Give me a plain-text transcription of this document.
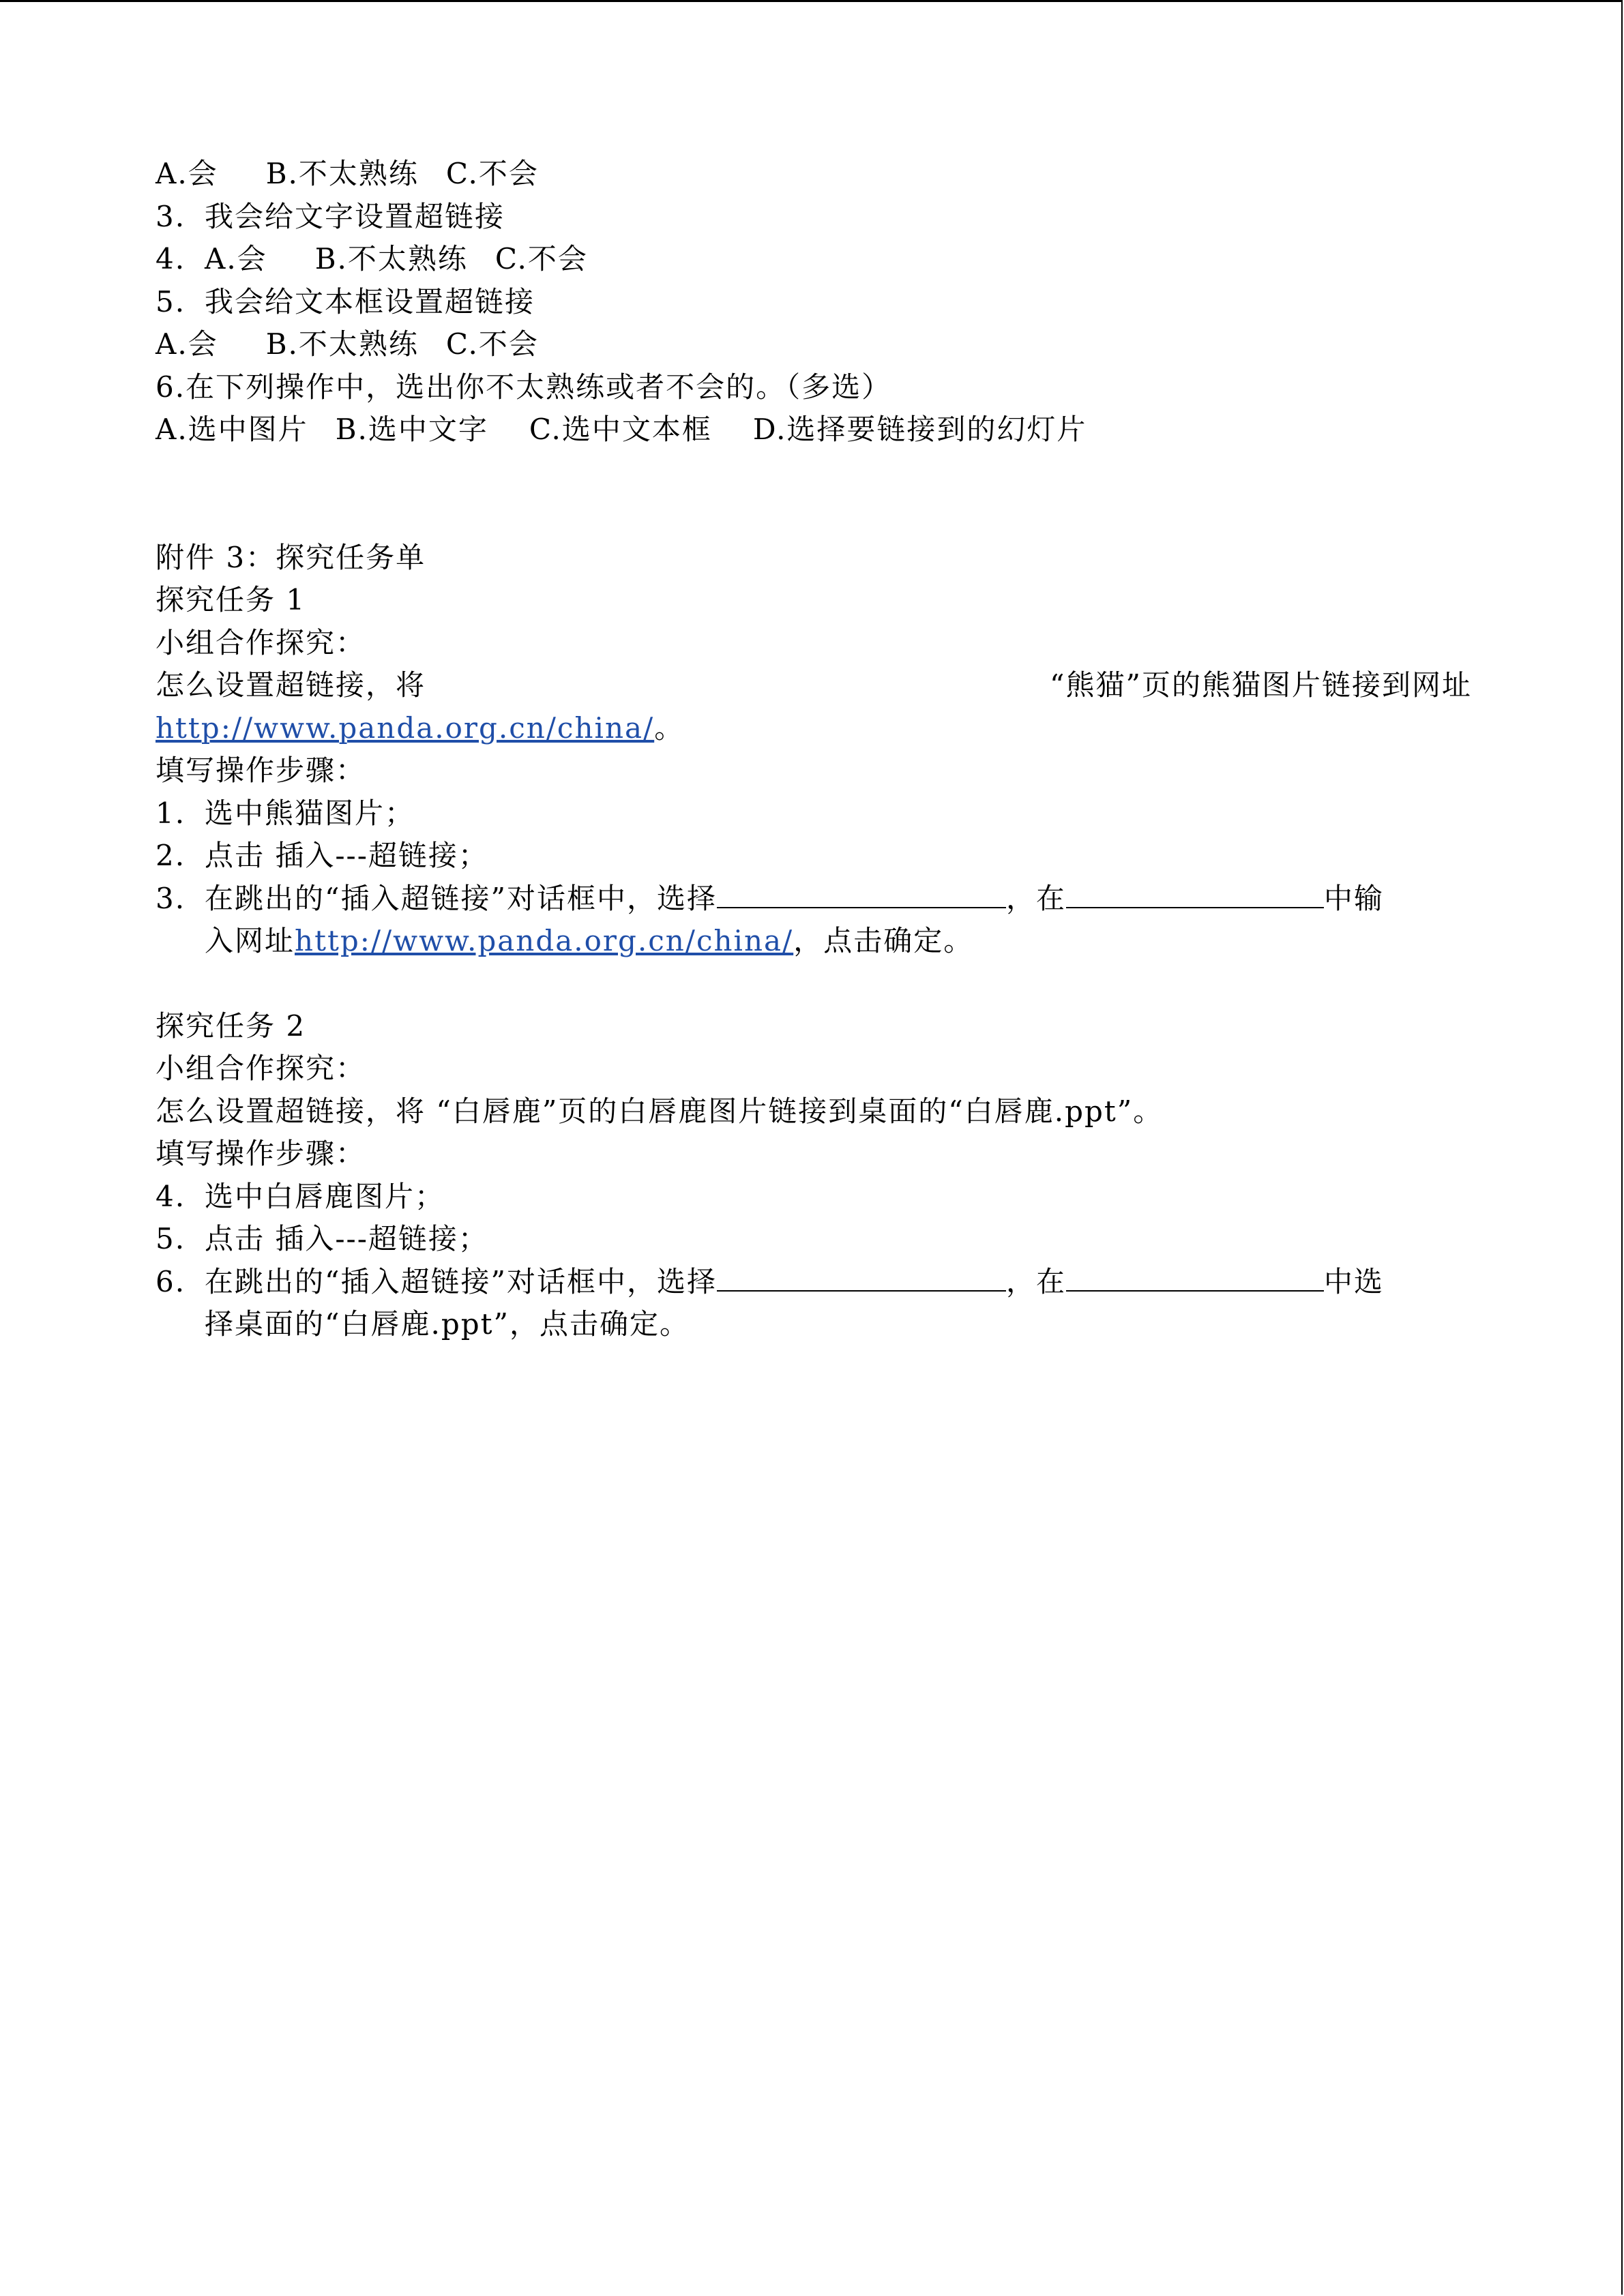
A.会 B.不太熟练 C.不会
3. 我会给文字设置超链接
4. A.会 B.不太熟练 C.不会
5. 我会给文本框设置超链接
A.会 B.不太熟练 C.不会
6.在下列操作中，选出你不太熟练或者不会的。（多选）
A.选中图片 B.选中文字 C.选中文本框 D.选择要链接到的幻灯片
附件 3：探究任务单
探究任务 1
小组合作探究：
怎么设置超链接，将	“熊猫”页的熊猫图片链接到网址
http://www.panda.org.cn/china/。
填写操作步骤：
1. 选中熊猫图片；
2. 点击 插入---超链接；
3. 在跳出的“插入超链接”对话框中，选择	，在	中输
入网址http://www.panda.org.cn/china/，点击确定。
探究任务 2
小组合作探究：
怎么设置超链接，将 “白唇鹿”页的白唇鹿图片链接到桌面的“白唇鹿.ppt”。
填写操作步骤：
4. 选中白唇鹿图片；
5. 点击 插入---超链接；
6. 在跳出的“插入超链接”对话框中，选择	，在	中选
择桌面的“白唇鹿.ppt”，点击确定。
